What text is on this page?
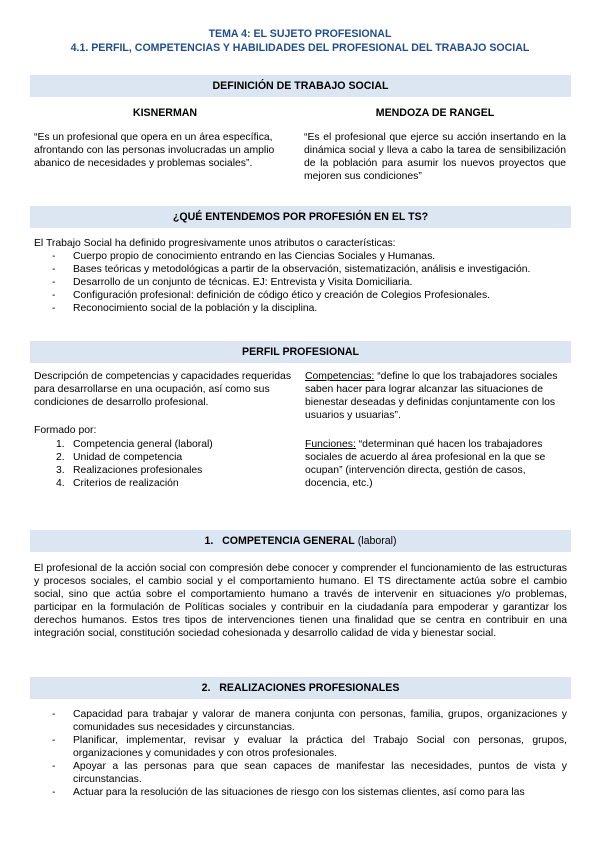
TEMA 4: EL SUJETO PROFESIONAL
4.1. PERFIL, COMPETENCIAS Y HABILIDADES DEL PROFESIONAL DEL TRABAJO SOCIAL
DEFINICIÓN DE TRABAJO SOCIAL
KISNERMAN	MENDOZA DE RANGEL
“Es un profesional que opera en un área específica, afrontando con las personas involucradas un amplio abanico de necesidades y problemas sociales”.
“Es el profesional que ejerce su acción insertando en la dinámica social y lleva a cabo la tarea de sensibilización de la población para asumir los nuevos proyectos que mejoren sus condiciones”
¿QUÉ ENTENDEMOS POR PROFESIÓN EN EL TS?
El Trabajo Social ha definido progresivamente unos atributos o características:
- Cuerpo propio de conocimiento entrando en las Ciencias Sociales y Humanas.
- Bases teóricas y metodológicas a partir de la observación, sistematización, análisis e investigación.
- Desarrollo de un conjunto de técnicas. EJ: Entrevista y Visita Domiciliaria.
- Configuración profesional: definición de código ético y creación de Colegios Profesionales.
- Reconocimiento social de la población y la disciplina.
PERFIL PROFESIONAL
Descripción de competencias y capacidades requeridas para desarrollarse en una ocupación, así como sus condiciones de desarrollo profesional.
Formado por:
1. Competencia general (laboral)
2. Unidad de competencia
3. Realizaciones profesionales
4. Criterios de realización
Competencias: “define lo que los trabajadores sociales saben hacer para lograr alcanzar las situaciones de bienestar deseadas y definidas conjuntamente con los usuarios y usuarias”.
Funciones: “determinan qué hacen los trabajadores sociales de acuerdo al área profesional en la que se ocupan” (intervención directa, gestión de casos, docencia, etc.)
1. COMPETENCIA GENERAL (laboral)
El profesional de la acción social con compresión debe conocer y comprender el funcionamiento de las estructuras y procesos sociales, el cambio social y el comportamiento humano. El TS directamente actúa sobre el cambio social, sino que actúa sobre el comportamiento humano a través de intervenir en situaciones y/o problemas, participar en la formulación de Políticas sociales y contribuir en la ciudadanía para empoderar y garantizar los derechos humanos. Estos tres tipos de intervenciones tienen una finalidad que se centra en contribuir en una integración social, constitución sociedad cohesionada y desarrollo calidad de vida y bienestar social.
2. REALIZACIONES PROFESIONALES
- Capacidad para trabajar y valorar de manera conjunta con personas, familia, grupos, organizaciones y comunidades sus necesidades y circunstancias.
- Planificar, implementar, revisar y evaluar la práctica del Trabajo Social con personas, grupos, organizaciones y comunidades y con otros profesionales.
- Apoyar a las personas para que sean capaces de manifestar las necesidades, puntos de vista y circunstancias.
- Actuar para la resolución de las situaciones de riesgo con los sistemas clientes, así como para las
